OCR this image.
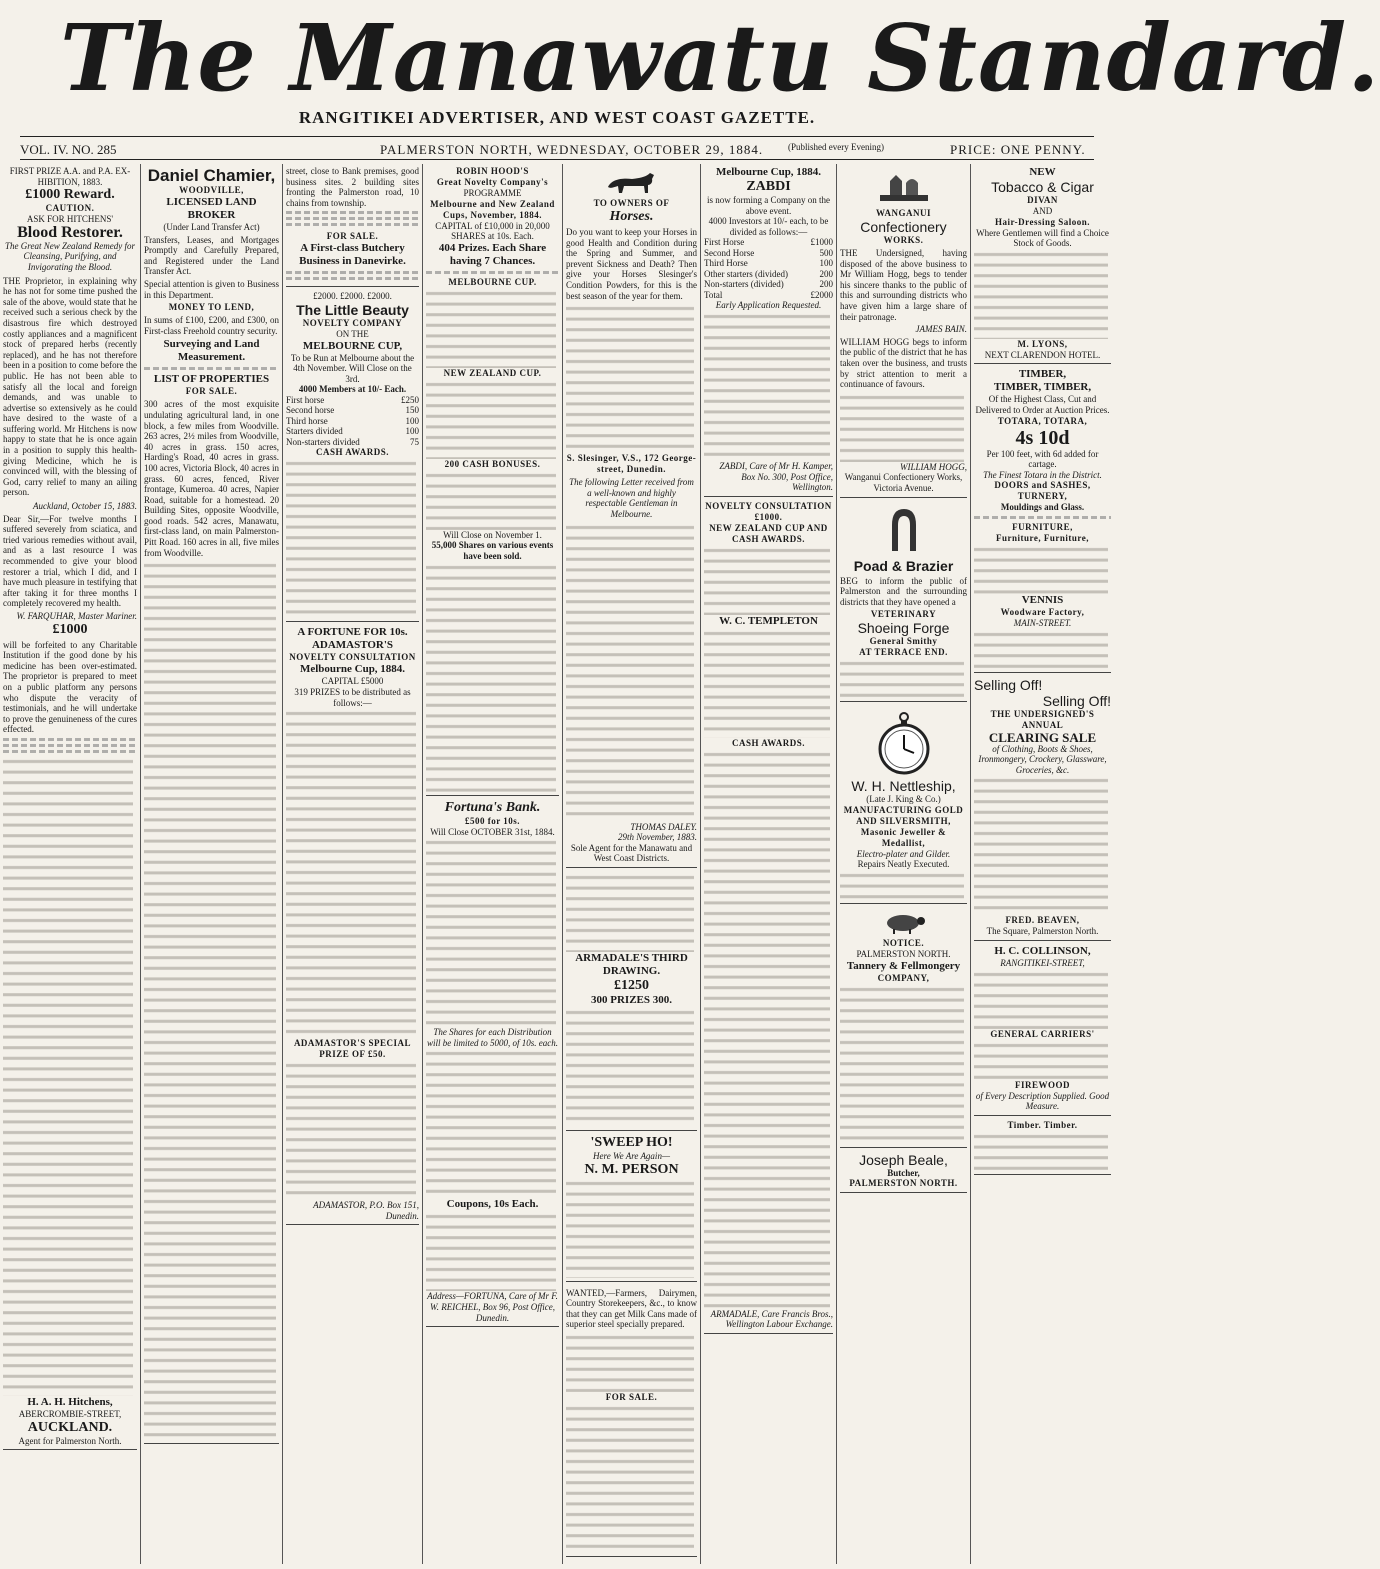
The Manawatu Standard.
RANGITIKEI ADVERTISER, AND WEST COAST GAZETTE.
VOL. IV. NO. 285	PALMERSTON NORTH, WEDNESDAY, OCTOBER 29, 1884.	(Published every Evening)	PRICE: ONE PENNY.
FIRST PRIZE A.A. and P.A. EX-HIBITION, 1883.
£1000 Reward.
CAUTION.
ASK FOR HITCHENS'
Blood Restorer.
The Great New Zealand Remedy for Cleansing, Purifying, and Invigorating the Blood.

THE Proprietor, in explaining why he has not for some time pushed the sale of the above, would state that he received such a serious check by the disastrous fire which destroyed costly appliances and a magnificent stock of prepared herbs (recently replaced), and he has not therefore been in a position to come before the public. He has not been able to satisfy all the local and foreign demands, and was unable to advertise so extensively as he could have desired to the waste of a suffering world. Mr Hitchens is now happy to state that he is once again in a position to supply this health-giving Medicine, which he is convinced will, with the blessing of God, carry relief to many an ailing person.

Auckland, October 15, 1883.

Dear Sir,—For twelve months I suffered severely from sciatica, and tried various remedies without avail, and as a last resource I was recommended to give your blood restorer a trial, which I did, and I have much pleasure in testifying that after taking it for three months I completely recovered my health.

W. FARQUHAR, Master Mariner.
£1000

will be forfeited to any Charitable Institution if the good done by his medicine has been over-estimated. The proprietor is prepared to meet on a public platform any persons who dispute the veracity of testimonials, and he will undertake to prove the genuineness of the cures effected.

H. A. H. Hitchens,
ABERCROMBIE-STREET,
AUCKLAND.
Agent for Palmerston North.
Daniel Chamier,
WOODVILLE,
LICENSED LAND BROKER
(Under Land Transfer Act)

Transfers, Leases, and Mortgages Promptly and Carefully Prepared, and Registered under the Land Transfer Act.

Special attention is given to Business in this Department.

MONEY TO LEND,

In sums of £100, £200, and £300, on First-class Freehold country security.

Surveying and Land Measurement.
LIST OF PROPERTIES
FOR SALE.

300 acres of the most exquisite undulating agricultural land, in one block, a few miles from Woodville. 263 acres, 2½ miles from Woodville, 40 acres in grass. 150 acres, Harding's Road, 40 acres in grass. 100 acres, Victoria Block, 40 acres in grass. 60 acres, fenced, River frontage, Kumeroa. 40 acres, Napier Road, suitable for a homestead. 20 Building Sites, opposite Woodville, good roads. 542 acres, Manawatu, first-class land, on main Palmerston-Pitt Road. 160 acres in all, five miles from Woodville.

street, close to Bank premises, good business sites. 2 building sites fronting the Palmerston road, 10 chains from township.

FOR SALE.
A First-class Butchery Business in Danevirke.
£2000. £2000. £2000.
The Little Beauty
NOVELTY COMPANY
ON THE
MELBOURNE CUP,
To be Run at Melbourne about the 4th November. Will Close on the 3rd.
4000 Members at 10/- Each.
First horse	£250
Second horse	150
Third horse	100
Starters divided	100
Non-starters divided	75
CASH AWARDS.
A FORTUNE FOR 10s.
ADAMASTOR'S
NOVELTY CONSULTATION
Melbourne Cup, 1884.
CAPITAL £5000
319 PRIZES to be distributed as follows:—
ADAMASTOR'S SPECIAL PRIZE OF £50.
ADAMASTOR, P.O. Box 151, Dunedin.
ROBIN HOOD'S
Great Novelty Company's
PROGRAMME
Melbourne and New Zealand Cups, November, 1884.
CAPITAL of £10,000 in 20,000 SHARES at 10s. Each.
404 Prizes. Each Share having 7 Chances.
MELBOURNE CUP.
NEW ZEALAND CUP.
200 CASH BONUSES.
Will Close on November 1.
55,000 Shares on various events have been sold.
Fortuna's Bank.
£500 for 10s.
Will Close OCTOBER 31st, 1884.
The Shares for each Distribution will be limited to 5000, of 10s. each.
Coupons, 10s Each.
Address—FORTUNA, Care of Mr F. W. REICHEL, Box 96, Post Office, Dunedin.
TO OWNERS OF
Horses.

Do you want to keep your Horses in good Health and Condition during the Spring and Summer, and prevent Sickness and Death? Then give your Horses Slesinger's Condition Powders, for this is the best season of the year for them.

S. Slesinger, V.S., 172 George-street, Dunedin.

The following Letter received from a well-known and highly respectable Gentleman in Melbourne.

THOMAS DALEY.
29th November, 1883.
Sole Agent for the Manawatu and West Coast Districts.
ARMADALE'S THIRD DRAWING.
£1250
300 PRIZES 300.
'SWEEP HO!
Here We Are Again—
N. M. PERSON

WANTED,—Farmers, Dairymen, Country Storekeepers, &c., to know that they can get Milk Cans made of superior steel specially prepared.

FOR SALE.
Melbourne Cup, 1884.
ZABDI
is now forming a Company on the above event.
4000 Investors at 10/- each, to be divided as follows:—
First Horse	£1000
Second Horse	500
Third Horse	100
Other starters (divided)	200
Non-starters (divided)	200
Total	£2000
Early Application Requested.
ZABDI, Care of Mr H. Kamper, Box No. 300, Post Office, Wellington.
NOVELTY CONSULTATION
£1000.
NEW ZEALAND CUP AND CASH AWARDS.
W. C. TEMPLETON
CASH AWARDS.
ARMADALE, Care Francis Bros., Wellington Labour Exchange.
WANGANUI
Confectionery
WORKS.

THE Undersigned, having disposed of the above business to Mr William Hogg, begs to tender his sincere thanks to the public of this and surrounding districts who have given him a large share of their patronage.

JAMES BAIN.

WILLIAM HOGG begs to inform the public of the district that he has taken over the business, and trusts by strict attention to merit a continuance of favours.

WILLIAM HOGG,
Wanganui Confectionery Works, Victoria Avenue.
Poad & Brazier

BEG to inform the public of Palmerston and the surrounding districts that they have opened a

VETERINARY
Shoeing Forge
General Smithy
AT TERRACE END.
W. H. Nettleship,
(Late J. King & Co.)
MANUFACTURING GOLD AND SILVERSMITH,
Masonic Jeweller & Medallist,
Electro-plater and Gilder.
Repairs Neatly Executed.
NOTICE.
PALMERSTON NORTH.
Tannery & Fellmongery
COMPANY,
Joseph Beale,
Butcher,
PALMERSTON NORTH.
NEW
Tobacco & Cigar
DIVAN
AND
Hair-Dressing Saloon.
Where Gentlemen will find a Choice Stock of Goods.
M. LYONS,
NEXT CLARENDON HOTEL.
TIMBER,
TIMBER, TIMBER,
Of the Highest Class, Cut and Delivered to Order at Auction Prices.
TOTARA, TOTARA,
4s 10d
Per 100 feet, with 6d added for cartage.
The Finest Totara in the District.
DOORS and SASHES,
TURNERY,
Mouldings and Glass.
FURNITURE,
Furniture, Furniture,
VENNIS
Woodware Factory,
MAIN-STREET.
Selling Off!
Selling Off!
THE UNDERSIGNED'S ANNUAL
CLEARING SALE
of Clothing, Boots & Shoes, Ironmongery, Crockery, Glassware, Groceries, &c.
FRED. BEAVEN,
The Square, Palmerston North.
H. C. COLLINSON,
RANGITIKEI-STREET,
GENERAL CARRIERS'
FIREWOOD
of Every Description Supplied. Good Measure.
Timber. Timber.
